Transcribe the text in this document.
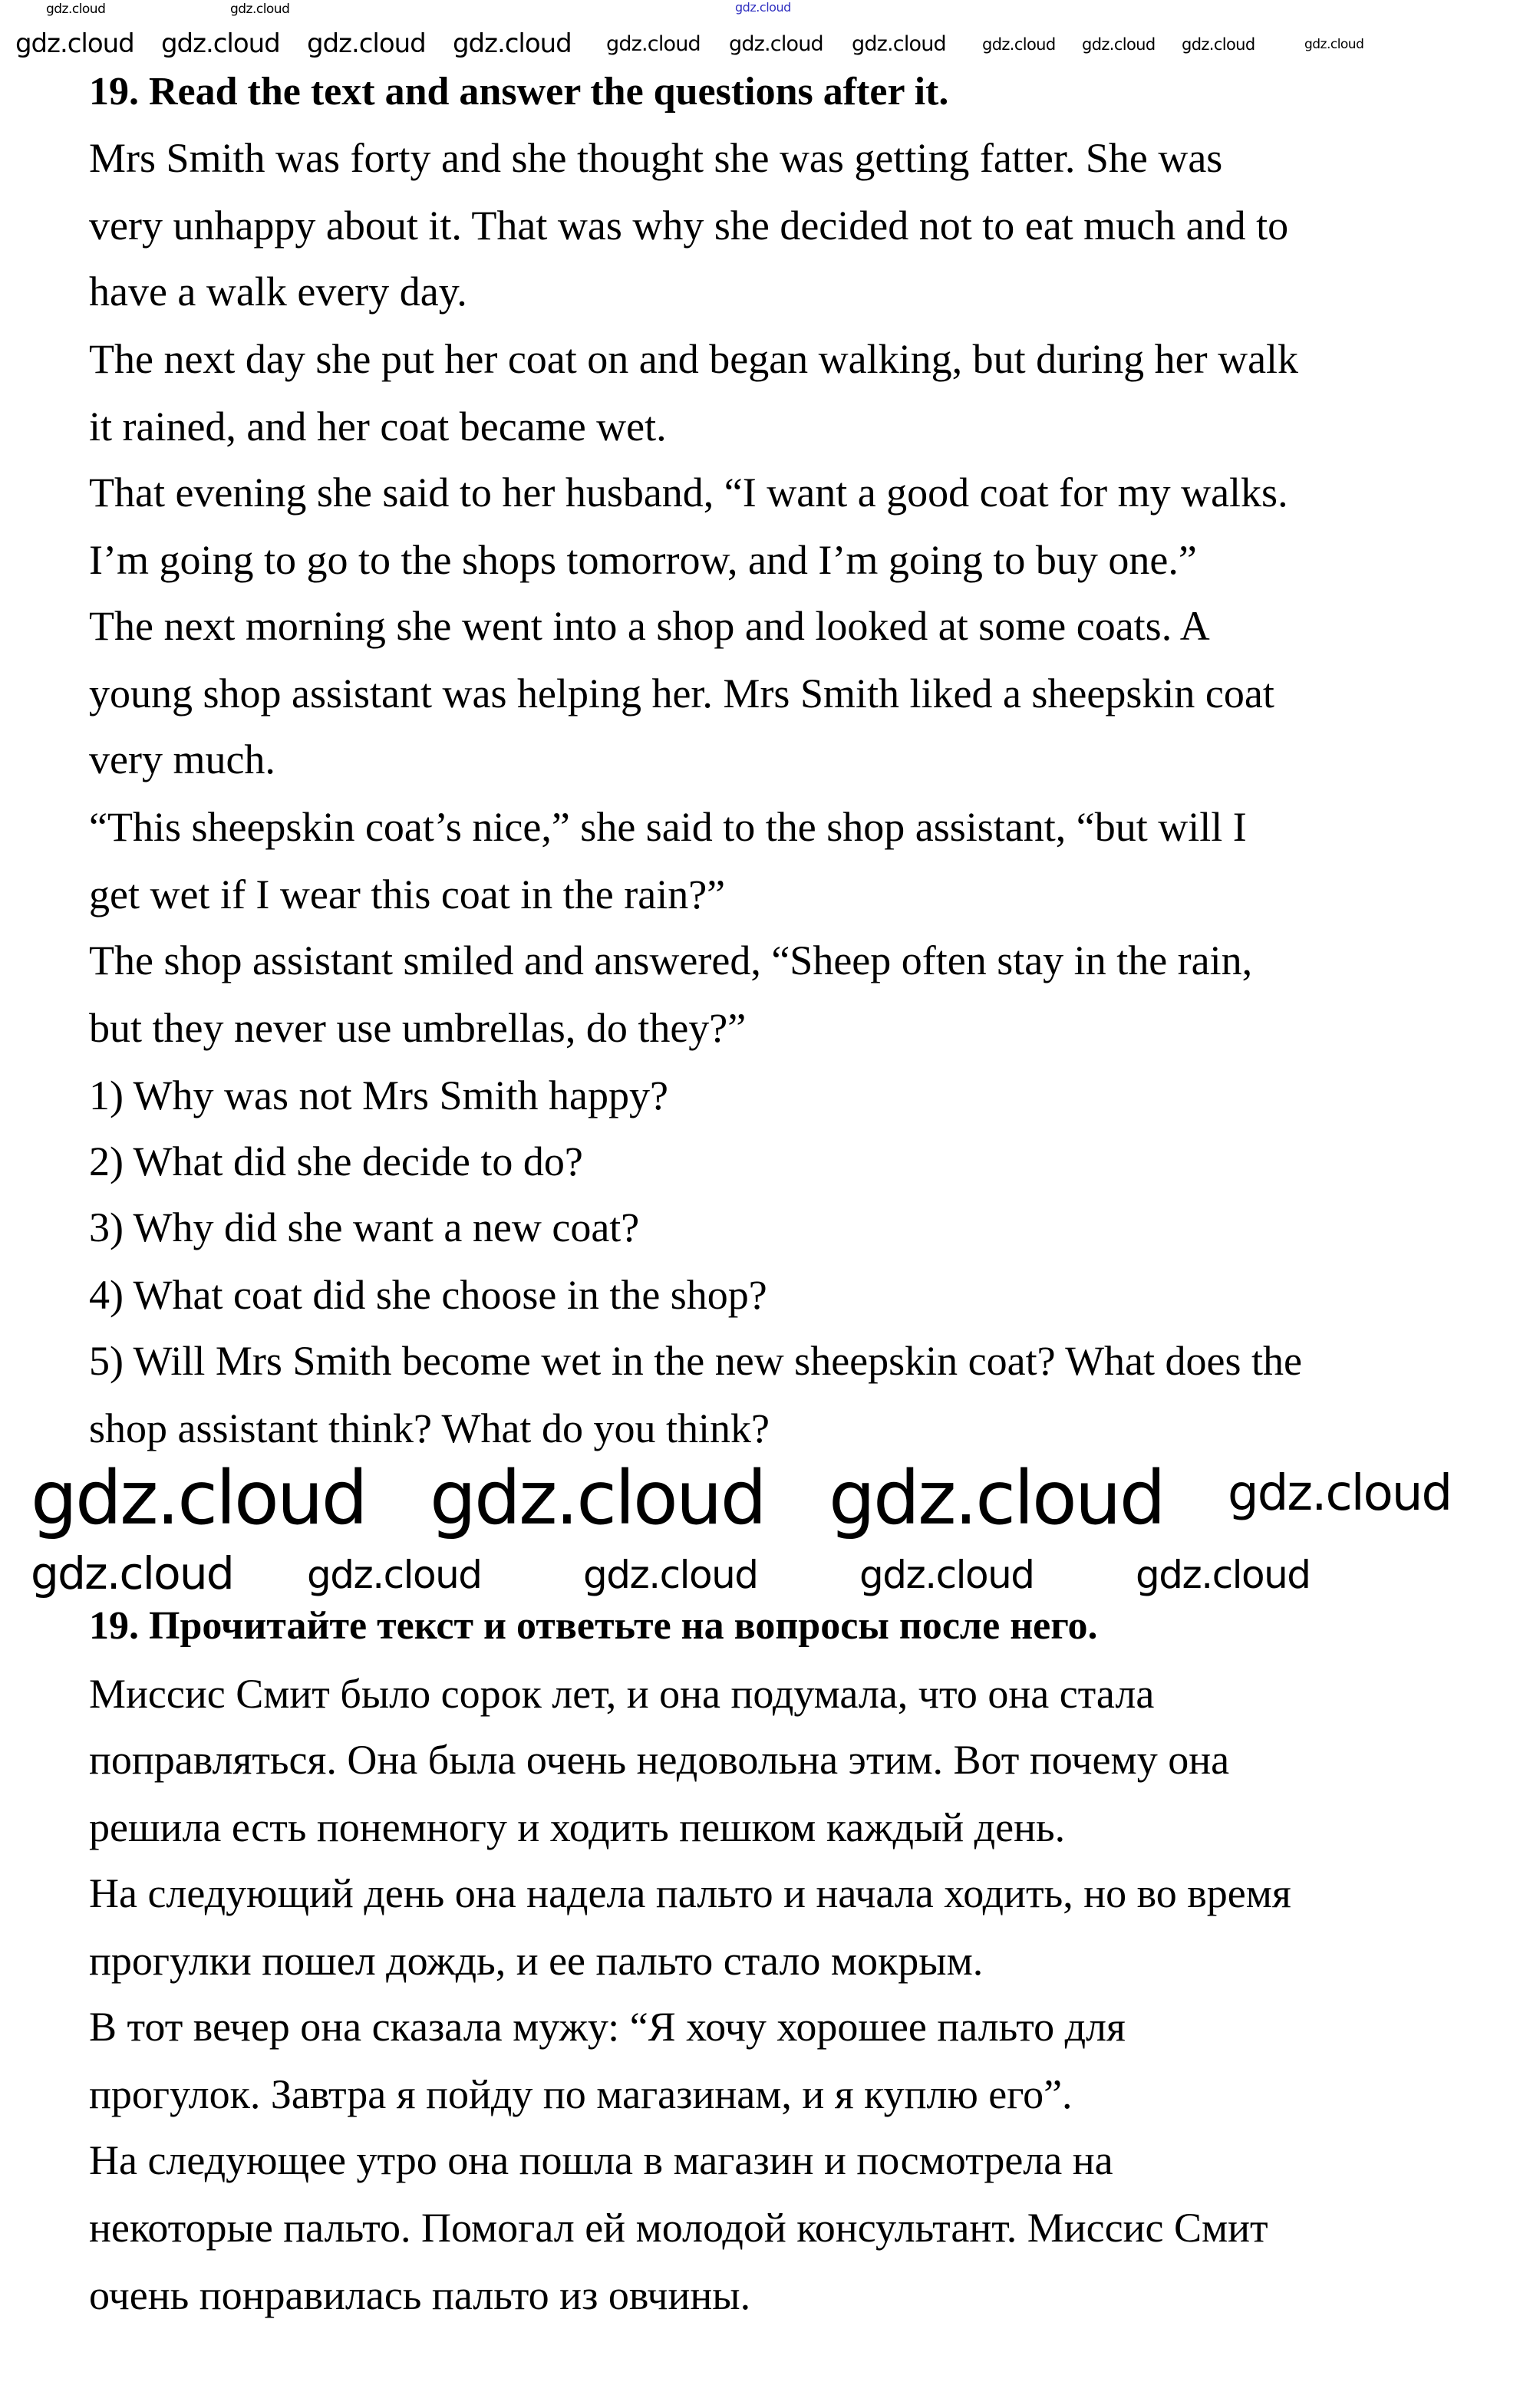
19. Read the text and answer the questions after it.
Mrs Smith was forty and she thought she was getting fatter. She was
very unhappy about it. That was why she decided not to eat much and to
have a walk every day.
The next day she put her coat on and began walking, but during her walk
it rained, and her coat became wet.
That evening she said to her husband, “I want a good coat for my walks.
I’m going to go to the shops tomorrow, and I’m going to buy one.”
The next morning she went into a shop and looked at some coats. A
young shop assistant was helping her. Mrs Smith liked a sheepskin coat
very much.
“This sheepskin coat’s nice,” she said to the shop assistant, “but will I
get wet if I wear this coat in the rain?”
The shop assistant smiled and answered, “Sheep often stay in the rain,
but they never use umbrellas, do they?”
1) Why was not Mrs Smith happy?
2) What did she decide to do?
3) Why did she want a new coat?
4) What coat did she choose in the shop?
5) Will Mrs Smith become wet in the new sheepskin coat? What does the
shop assistant think? What do you think?
19. Прочитайте текст и ответьте на вопросы после него.
Миссис Смит было сорок лет, и она подумала, что она стала
поправляться. Она была очень недовольна этим. Вот почему она
решила есть понемногу и ходить пешком каждый день.
На следующий день она надела пальто и начала ходить, но во время
прогулки пошел дождь, и ее пальто стало мокрым.
В тот вечер она сказала мужу: “Я хочу хорошее пальто для
прогулок. Завтра я пойду по магазинам, и я куплю его”.
На следующее утро она пошла в магазин и посмотрела на
некоторые пальто. Помогал ей молодой консультант. Миссис Смит
очень понравилась пальто из овчины.
gdz.cloud
gdz.cloud	gdz.cloud
gdz.cloud gdz.cloud gdz.cloud gdz.cloud gdz.cloud gdz.cloud gdz.cloud gdz.cloud gdz.cloud gdz.cloud	gdz.cloud
gdz.cloud gdz.cloud gdz.cloud gdz.cloud
gdz.cloud gdz.cloud	gdz.cloud	gdz.cloud	gdz.cloud
